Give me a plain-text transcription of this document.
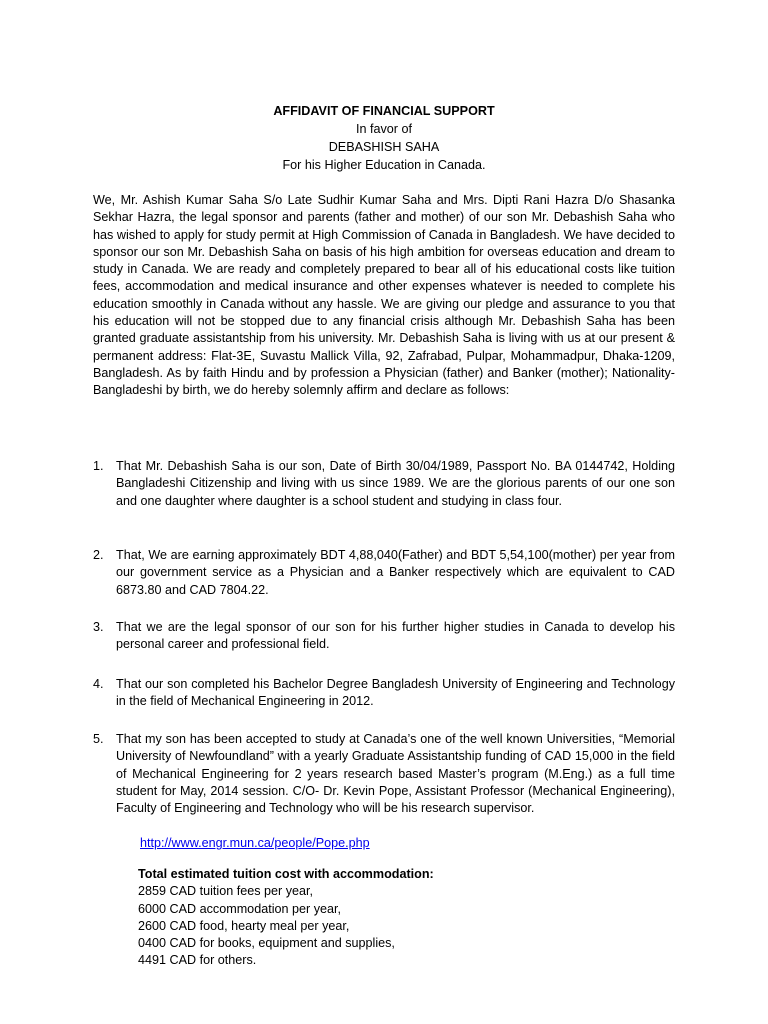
AFFIDAVIT OF FINANCIAL SUPPORT
In favor of
DEBASHISH SAHA
For his Higher Education in Canada.

We, Mr. Ashish Kumar Saha S/o Late Sudhir Kumar Saha and Mrs. Dipti Rani Hazra D/o Shasanka Sekhar Hazra, the legal sponsor and parents (father and mother) of our son Mr. Debashish Saha who has wished to apply for study permit at High Commission of Canada in Bangladesh. We have decided to sponsor our son Mr. Debashish Saha on basis of his high ambition for overseas education and dream to study in Canada. We are ready and completely prepared to bear all of his educational costs like tuition fees, accommodation and medical insurance and other expenses whatever is needed to complete his education smoothly in Canada without any hassle. We are giving our pledge and assurance to you that his education will not be stopped due to any financial crisis although Mr. Debashish Saha has been granted graduate assistantship from his university. Mr. Debashish Saha is living with us at our present & permanent address: Flat-3E, Suvastu Mallick Villa, 92, Zafrabad, Pulpar, Mohammadpur, Dhaka-1209, Bangladesh. As by faith Hindu and by profession a Physician (father) and Banker (mother); Nationality- Bangladeshi by birth, we do hereby solemnly affirm and declare as follows:

1. That Mr. Debashish Saha is our son, Date of Birth 30/04/1989, Passport No. BA 0144742, Holding Bangladeshi Citizenship and living with us since 1989. We are the glorious parents of our one son and one daughter where daughter is a school student and studying in class four.
2. That, We are earning approximately BDT 4,88,040(Father) and BDT 5,54,100(mother) per year from our government service as a Physician and a Banker respectively which are equivalent to CAD 6873.80 and CAD 7804.22.
3. That we are the legal sponsor of our son for his further higher studies in Canada to develop his personal career and professional field.
4. That our son completed his Bachelor Degree Bangladesh University of Engineering and Technology in the field of Mechanical Engineering in 2012.
5. That my son has been accepted to study at Canada’s one of the well known Universities, “Memorial University of Newfoundland” with a yearly Graduate Assistantship funding of CAD 15,000 in the field of Mechanical Engineering for 2 years research based Master’s program (M.Eng.) as a full time student for May, 2014 session. C/O- Dr. Kevin Pope, Assistant Professor (Mechanical Engineering), Faculty of Engineering and Technology who will be his research supervisor.
http://www.engr.mun.ca/people/Pope.php
Total estimated tuition cost with accommodation:
2859 CAD tuition fees per year,
6000 CAD accommodation per year,
2600 CAD food, hearty meal per year,
0400 CAD for books, equipment and supplies,
4491 CAD for others.
